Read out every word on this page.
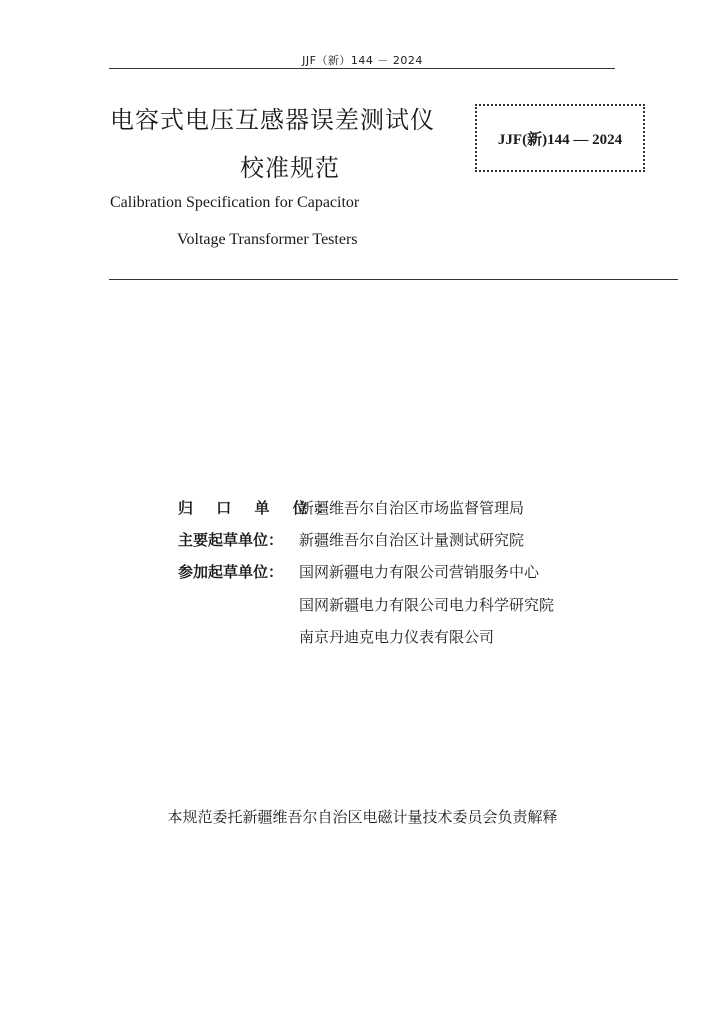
JJF（新）144 － 2024
电容式电压互感器误差测试仪
校准规范
JJF(新)144 — 2024
Calibration Specification for Capacitor
Voltage Transformer Testers
归 口 单 位：
新疆维吾尔自治区市场监督管理局
主要起草单位： 新疆维吾尔自治区计量测试研究院
参加起草单位： 国网新疆电力有限公司营销服务中心
国网新疆电力有限公司电力科学研究院
南京丹迪克电力仪表有限公司
本规范委托新疆维吾尔自治区电磁计量技术委员会负责解释
